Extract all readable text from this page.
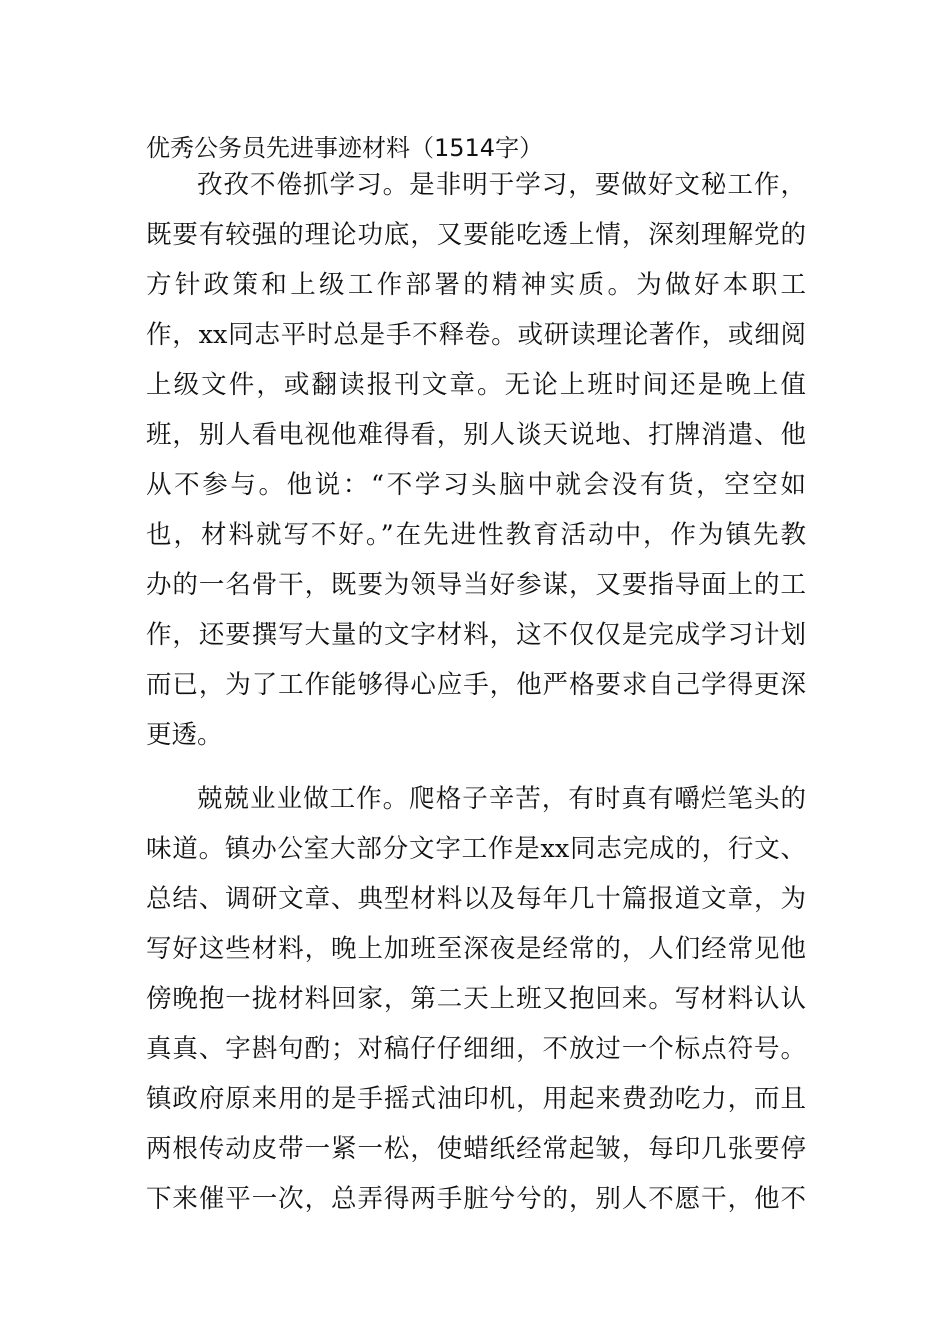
优秀公务员先进事迹材料（1514字）
孜孜不倦抓学习。是非明于学习，要做好文秘工作，
既要有较强的理论功底，又要能吃透上情，深刻理解党的
方针政策和上级工作部署的精神实质。为做好本职工
作，xx同志平时总是手不释卷。或研读理论著作，或细阅
上级文件，或翻读报刊文章。无论上班时间还是晚上值
班，别人看电视他难得看，别人谈天说地、打牌消遣、他
从不参与。他说：“不学习头脑中就会没有货，空空如
也，材料就写不好。”在先进性教育活动中，作为镇先教
办的一名骨干，既要为领导当好参谋，又要指导面上的工
作，还要撰写大量的文字材料，这不仅仅是完成学习计划
而已，为了工作能够得心应手，他严格要求自己学得更深
更透。
兢兢业业做工作。爬格子辛苦，有时真有嚼烂笔头的
味道。镇办公室大部分文字工作是xx同志完成的，行文、
总结、调研文章、典型材料以及每年几十篇报道文章，为
写好这些材料，晚上加班至深夜是经常的，人们经常见他
傍晚抱一拢材料回家，第二天上班又抱回来。写材料认认
真真、字斟句酌；对稿仔仔细细，不放过一个标点符号。
镇政府原来用的是手摇式油印机，用起来费劲吃力，而且
两根传动皮带一紧一松，使蜡纸经常起皱，每印几张要停
下来催平一次，总弄得两手脏兮兮的，别人不愿干，他不
